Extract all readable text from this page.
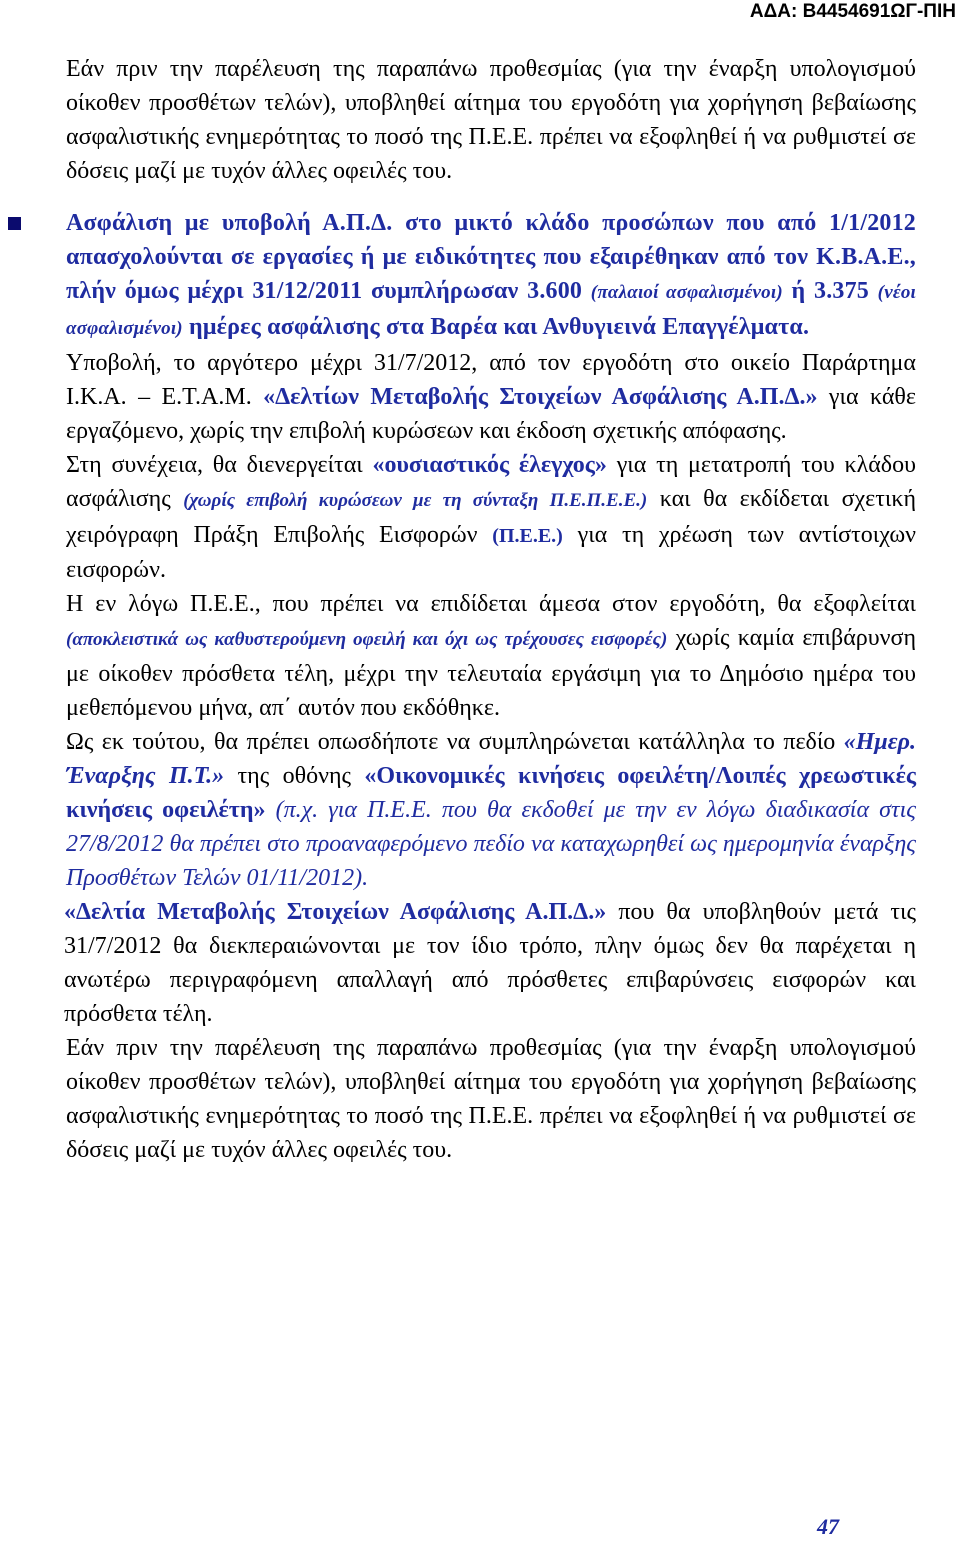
ΑΔΑ: Β4454691ΩΓ-ΠΙΗ

Εάν πριν την παρέλευση της παραπάνω προθεσμίας (για την έναρξη υπολογισμού οίκοθεν προσθέτων τελών), υποβληθεί αίτημα του εργοδότη για χορήγηση βεβαίωσης ασφαλιστικής ενημερότητας το ποσό της Π.Ε.Ε. πρέπει να εξοφληθεί ή να ρυθμιστεί σε δόσεις μαζί με τυχόν άλλες οφειλές του.

Ασφάλιση με υποβολή Α.Π.Δ. στο μικτό κλάδο προσώπων που από 1/1/2012 απασχολούνται σε εργασίες ή με ειδικότητες που εξαιρέθηκαν από τον Κ.Β.Α.Ε., πλήν όμως μέχρι 31/12/2011 συμπλήρωσαν 3.600 (παλαιοί ασφαλισμένοι) ή 3.375 (νέοι ασφαλισμένοι) ημέρες ασφάλισης στα Βαρέα και Ανθυγιεινά Επαγγέλματα.

Υποβολή, το αργότερο μέχρι 31/7/2012, από τον εργοδότη στο οικείο Παράρτημα Ι.Κ.Α. – Ε.Τ.Α.Μ. «Δελτίων Μεταβολής Στοιχείων Ασφάλισης Α.Π.Δ.» για κάθε εργαζόμενο, χωρίς την επιβολή κυρώσεων και έκδοση σχετικής απόφασης.

Στη συνέχεια, θα διενεργείται «ουσιαστικός έλεγχος» για τη μετατροπή του κλάδου ασφάλισης (χωρίς επιβολή κυρώσεων με τη σύνταξη Π.Ε.Π.Ε.Ε.) και θα εκδίδεται σχετική χειρόγραφη Πράξη Επιβολής Εισφορών (Π.Ε.Ε.) για τη χρέωση των αντίστοιχων εισφορών.

Η εν λόγω Π.Ε.Ε., που πρέπει να επιδίδεται άμεσα στον εργοδότη, θα εξοφλείται (αποκλειστικά ως καθυστερούμενη οφειλή και όχι ως τρέχουσες εισφορές) χωρίς καμία επιβάρυνση με οίκοθεν πρόσθετα τέλη, μέχρι την τελευταία εργάσιμη για το Δημόσιο ημέρα του μεθεπόμενου μήνα, απ΄ αυτόν που εκδόθηκε.

Ως εκ τούτου, θα πρέπει οπωσδήποτε να συμπληρώνεται κατάλληλα το πεδίο «Ημερ. Έναρξης Π.Τ.» της οθόνης «Οικονομικές κινήσεις οφειλέτη/Λοιπές χρεωστικές κινήσεις οφειλέτη» (π.χ. για Π.Ε.Ε. που θα εκδοθεί με την εν λόγω διαδικασία στις 27/8/2012 θα πρέπει στο προαναφερόμενο πεδίο να καταχωρηθεί ως ημερομηνία έναρξης Προσθέτων Τελών 01/11/2012).

«Δελτία Μεταβολής Στοιχείων Ασφάλισης Α.Π.Δ.» που θα υποβληθούν μετά τις 31/7/2012 θα διεκπεραιώνονται με τον ίδιο τρόπο, πλην όμως δεν θα παρέχεται η ανωτέρω περιγραφόμενη απαλλαγή από πρόσθετες επιβαρύνσεις εισφορών και πρόσθετα τέλη.

Εάν πριν την παρέλευση της παραπάνω προθεσμίας (για την έναρξη υπολογισμού οίκοθεν προσθέτων τελών), υποβληθεί αίτημα του εργοδότη για χορήγηση βεβαίωσης ασφαλιστικής ενημερότητας το ποσό της Π.Ε.Ε. πρέπει να εξοφληθεί ή να ρυθμιστεί σε δόσεις μαζί με τυχόν άλλες οφειλές του.

47
